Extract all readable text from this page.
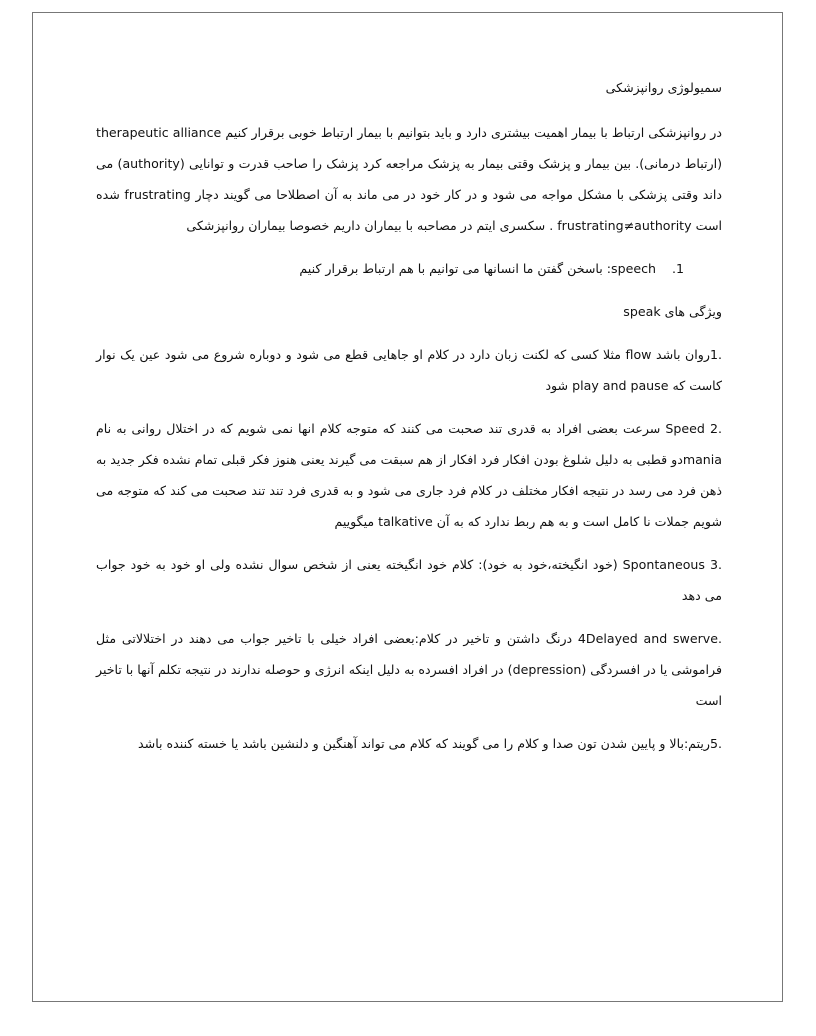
سمیولوژی روانپزشکی

در روانپزشکی ارتباط با بیمار اهمیت بیشتری دارد و باید بتوانیم با بیمار ارتباط خوبی برقرار کنیم therapeutic alliance (ارتباط درمانی). بین بیمار و پزشک وقتی بیمار به پزشک مراجعه کرد پزشک را صاحب قدرت و توانایی (authority) می داند وقتی پزشکی با مشکل مواجه می شود و در کار خود در می ماند به آن اصطلاحا می گویند دچار frustrating شده است frustrating≠authority . سکسری ایتم در مصاحبه با بیماران داریم خصوصا بیماران روانپزشکی

1.speech: باسخن گفتن ما انسانها می توانیم با هم ارتباط برقرار کنیم

ویژگی های speak

.1روان باشد flow مثلا کسی که لکنت زبان دارد در کلام او جاهایی قطع می شود و دوباره شروع می شود عین یک نوار کاست که play and pause شود

.2 Speed سرعت بعضی افراد به قدری تند صحبت می کنند که متوجه کلام انها نمی شویم که در اختلال روانی به نام maniaدو قطبی به دلیل شلوغ بودن افکار فرد افکار از هم سبقت می گیرند یعنی هنوز فکر قبلی تمام نشده فکر جدید به ذهن فرد می رسد در نتیجه افکار مختلف در کلام فرد جاری می شود و به قدری فرد تند تند صحبت می کند که متوجه می شویم جملات نا کامل است و به هم ربط ندارد که به آن talkative میگوییم

.3 Spontaneous (خود انگیخته،خود به خود): کلام خود انگیخته یعنی از شخص سوال نشده ولی او خود به خود جواب می دهد

.4Delayed and swerve درنگ داشتن و تاخیر در کلام:بعضی افراد خیلی با تاخیر جواب می دهند در اختلالاتی مثل فراموشی یا در افسردگی (depression) در افراد افسرده به دلیل اینکه انرژی و حوصله ندارند در نتیجه تکلم آنها با تاخیر است

.5ریتم:بالا و پایین شدن تون صدا و کلام را می گویند که کلام می تواند آهنگین و دلنشین باشد یا خسته کننده باشد
